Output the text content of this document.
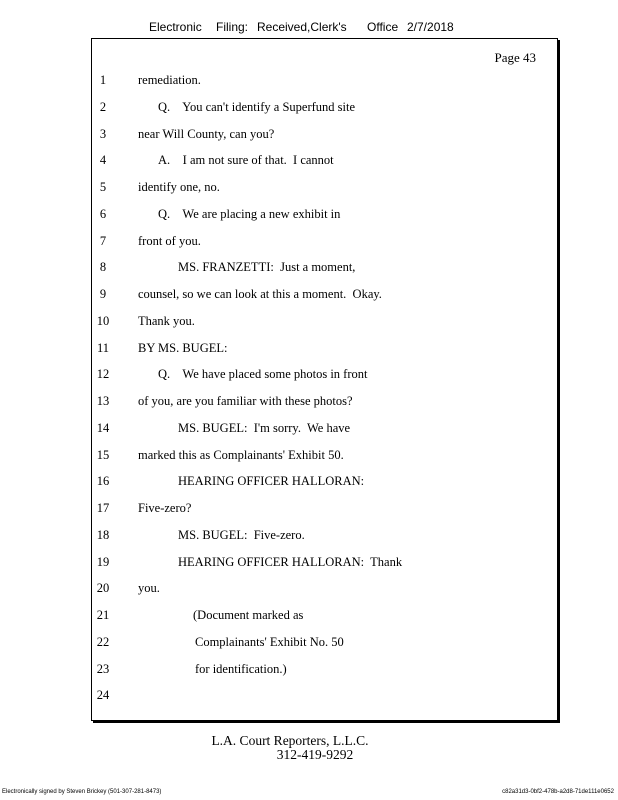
Electronic Filing: Received,Clerk's Office 2/7/2018
Page 43
1	remediation.
2	Q.    You can't identify a Superfund site
3	near Will County, can you?
4	A.    I am not sure of that.  I cannot
5	identify one, no.
6	Q.    We are placing a new exhibit in
7	front of you.
8	MS. FRANZETTI:  Just a moment,
9	counsel, so we can look at this a moment.  Okay.
10	Thank you.
11	BY MS. BUGEL:
12	Q.    We have placed some photos in front
13	of you, are you familiar with these photos?
14	MS. BUGEL:  I'm sorry.  We have
15	marked this as Complainants' Exhibit 50.
16	HEARING OFFICER HALLORAN:
17	Five-zero?
18	MS. BUGEL:  Five-zero.
19	HEARING OFFICER HALLORAN:  Thank
20	you.
21	(Document marked as
22	Complainants' Exhibit No. 50
23	for identification.)
24
L.A. Court Reporters, L.L.C.
312-419-9292
Electronically signed by Steven Brickey (501-307-281-8473)	c82a31d3-0bf2-478b-a2d8-71de111e0652
